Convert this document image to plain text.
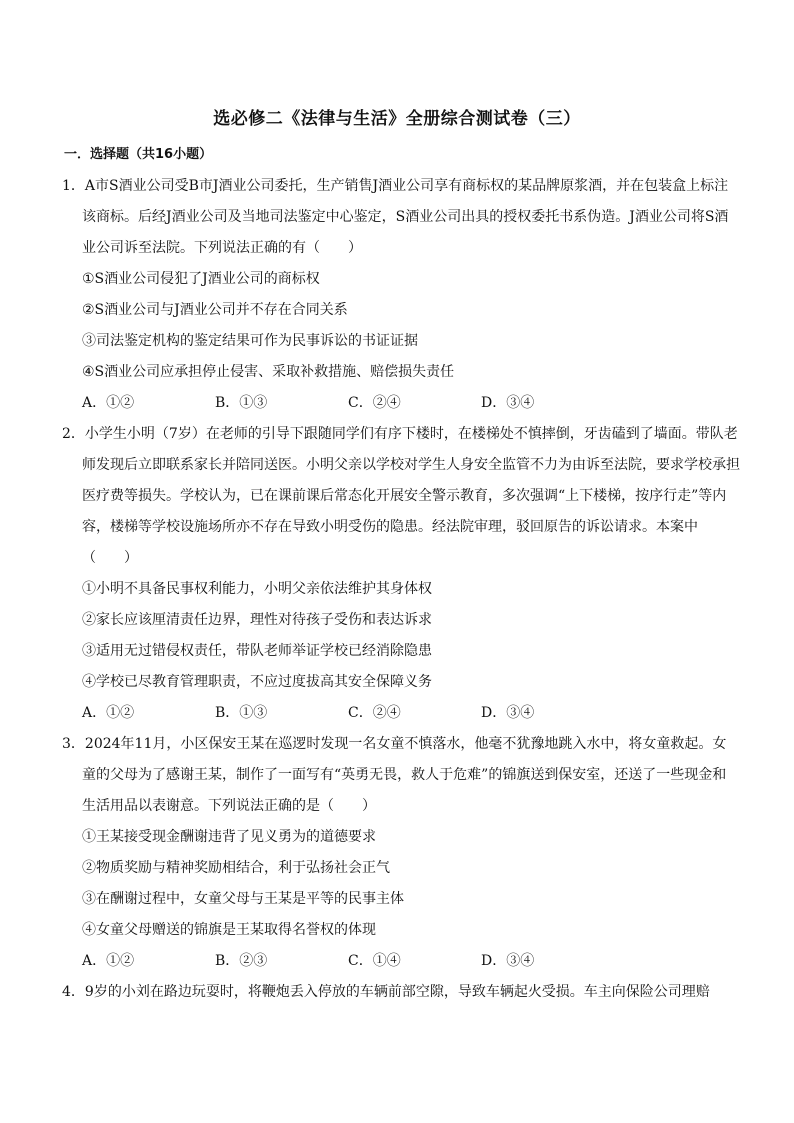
选必修二《法律与生活》全册综合测试卷（三）
一．选择题（共16小题）

1．A市S酒业公司受B市J酒业公司委托，生产销售J酒业公司享有商标权的某品牌原浆酒，并在包装盒上标注该商标。后经J酒业公司及当地司法鉴定中心鉴定，S酒业公司出具的授权委托书系伪造。J酒业公司将S酒业公司诉至法院。下列说法正确的有（　　）

①S酒业公司侵犯了J酒业公司的商标权

②S酒业公司与J酒业公司并不存在合同关系

③司法鉴定机构的鉴定结果可作为民事诉讼的书证证据

④S酒业公司应承担停止侵害、采取补救措施、赔偿损失责任

A．①②	B．①③	C．②④	D．③④

2．小学生小明（7岁）在老师的引导下跟随同学们有序下楼时，在楼梯处不慎摔倒，牙齿磕到了墙面。带队老师发现后立即联系家长并陪同送医。小明父亲以学校对学生人身安全监管不力为由诉至法院，要求学校承担医疗费等损失。学校认为，已在课前课后常态化开展安全警示教育，多次强调“上下楼梯，按序行走”等内容，楼梯等学校设施场所亦不存在导致小明受伤的隐患。经法院审理，驳回原告的诉讼请求。本案中（　　）

①小明不具备民事权利能力，小明父亲依法维护其身体权

②家长应该厘清责任边界，理性对待孩子受伤和表达诉求

③适用无过错侵权责任，带队老师举证学校已经消除隐患

④学校已尽教育管理职责，不应过度拔高其安全保障义务

A．①②	B．①③	C．②④	D．③④

3．2024年11月，小区保安王某在巡逻时发现一名女童不慎落水，他毫不犹豫地跳入水中，将女童救起。女童的父母为了感谢王某，制作了一面写有“英勇无畏，救人于危难”的锦旗送到保安室，还送了一些现金和生活用品以表谢意。下列说法正确的是（　　）

①王某接受现金酬谢违背了见义勇为的道德要求

②物质奖励与精神奖励相结合，利于弘扬社会正气

③在酬谢过程中，女童父母与王某是平等的民事主体

④女童父母赠送的锦旗是王某取得名誉权的体现

A．①②	B．②③	C．①④	D．③④

4．9岁的小刘在路边玩耍时，将鞭炮丢入停放的车辆前部空隙，导致车辆起火受损。车主向保险公司理赔
